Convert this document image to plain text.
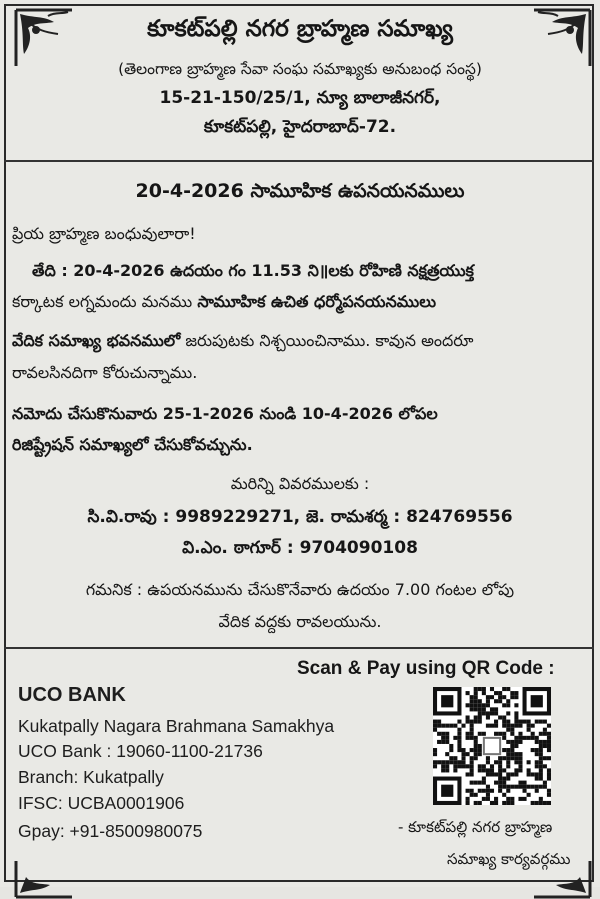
కూకట్‌పల్లి నగర బ్రాహ్మణ సమాఖ్య
(తెలంగాణ బ్రాహ్మణ సేవా సంఘ సమాఖ్యకు అనుబంధ సంస్థ)
15-21-150/25/1, న్యూ బాలాజీనగర్,
కూకట్‌పల్లి, హైదరాబాద్-72.
20-4-2026 సామూహిక ఉపనయనములు
ప్రియ బ్రాహ్మణ బంధువులారా!
తేది : 20-4-2026 ఉదయం గం 11.53 ని॥లకు రోహిణి నక్షత్రయుక్త
కర్కాటక లగ్నమందు మనము సామూహిక ఉచిత ధర్మోపనయనములు
వేదిక సమాఖ్య భవనములో జరుపుటకు నిశ్చయించినాము. కావున అందరూ
రావలసినదిగా కోరుచున్నాము.
నమోదు చేసుకొనువారు 25-1-2026 నుండి 10-4-2026 లోపల
రిజిష్ట్రేషన్ సమాఖ్యలో చేసుకోవచ్చును.
మరిన్ని వివరములకు :
సి.వి.రావు : 9989229271, జె. రామశర్మ : 824769556
వి.ఎం. ఠాగూర్ : 9704090108
గమనిక : ఉపయనమును చేసుకొనేవారు ఉదయం 7.00 గంటల లోపు
వేదిక వద్దకు రావలయును.
UCO BANK
Kukatpally Nagara Brahmana Samakhya
UCO Bank : 19060-1100-21736
Branch: Kukatpally
IFSC: UCBA0001906
Gpay: +91-8500980075
Scan & Pay using QR Code :
- కూకట్‌పల్లి నగర బ్రాహ్మణ
సమాఖ్య కార్యవర్గము
